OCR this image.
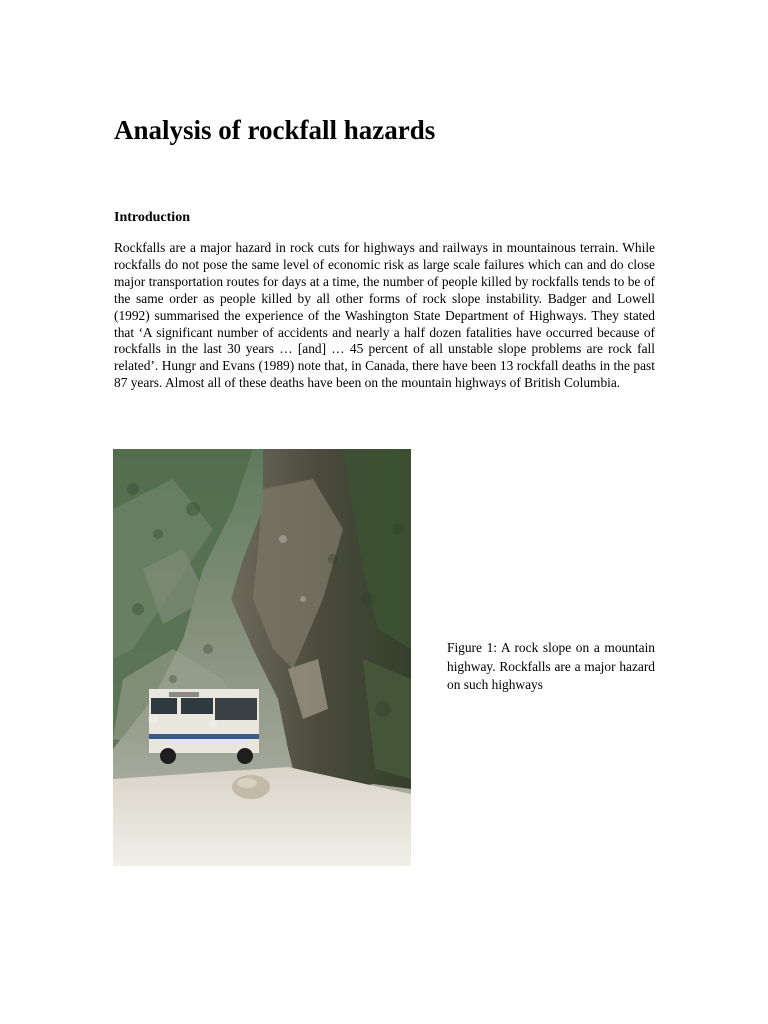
Analysis of rockfall hazards
Introduction

Rockfalls are a major hazard in rock cuts for highways and railways in mountainous terrain. While rockfalls do not pose the same level of economic risk as large scale failures which can and do close major transportation routes for days at a time, the number of people killed by rockfalls tends to be of the same order as people killed by all other forms of rock slope instability. Badger and Lowell (1992) summarised the experience of the Washington State Department of Highways. They stated that ‘A significant number of accidents and nearly a half dozen fatalities have occurred because of rockfalls in the last 30 years … [and] … 45 percent of all unstable slope problems are rock fall related’. Hungr and Evans (1989) note that, in Canada, there have been 13 rockfall deaths in the past 87 years. Almost all of these deaths have been on the mountain highways of British Columbia.

Figure 1: A rock slope on a mountain highway. Rockfalls are a major hazard on such highways
